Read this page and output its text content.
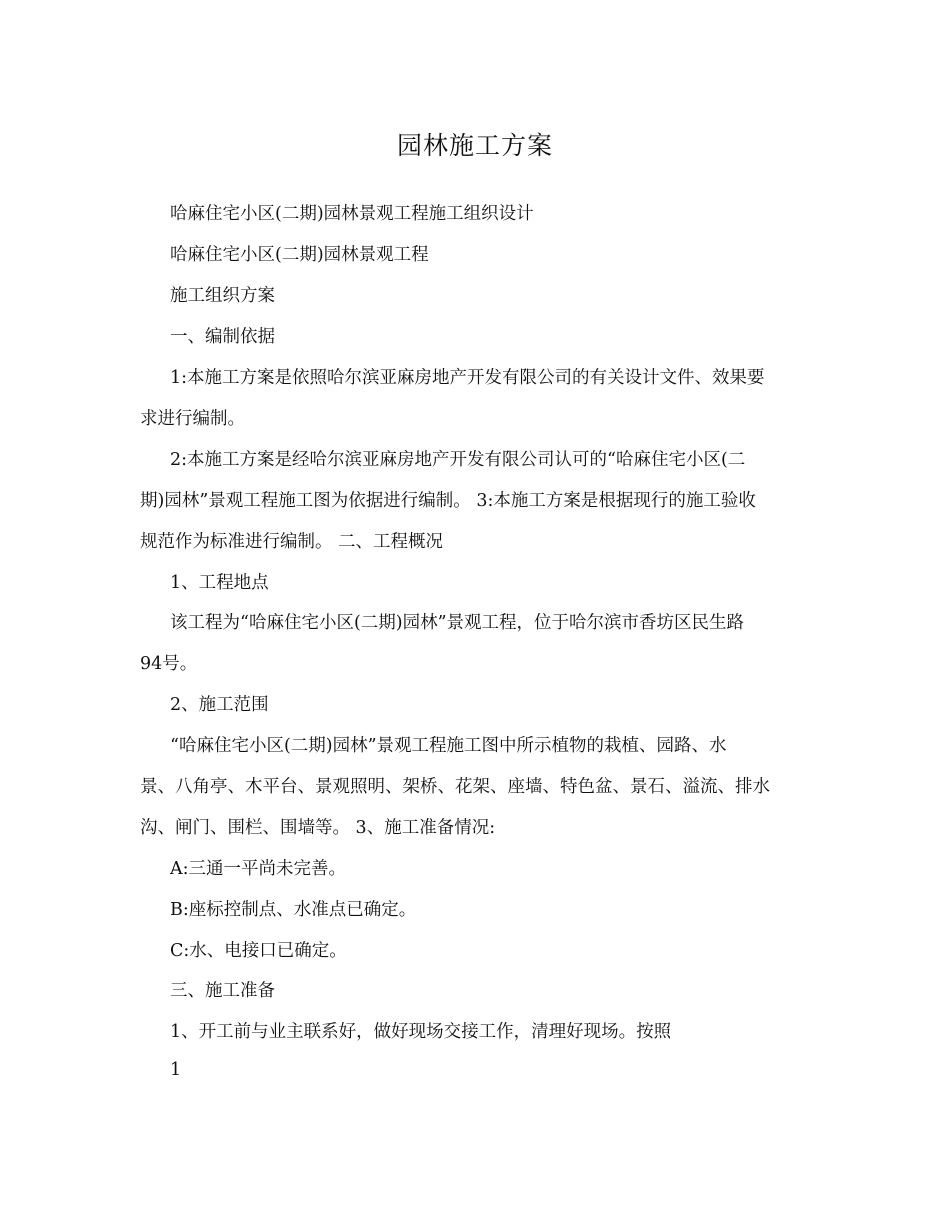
园林施工方案
哈麻住宅小区(二期)园林景观工程施工组织设计
哈麻住宅小区(二期)园林景观工程
施工组织方案
一、编制依据
1:本施工方案是依照哈尔滨亚麻房地产开发有限公司的有关设计文件、效果要
求进行编制。
2:本施工方案是经哈尔滨亚麻房地产开发有限公司认可的“哈麻住宅小区(二
期)园林”景观工程施工图为依据进行编制。 3:本施工方案是根据现行的施工验收
规范作为标准进行编制。 二、工程概况
1、工程地点
该工程为“哈麻住宅小区(二期)园林”景观工程，位于哈尔滨市香坊区民生路
94号。
2、施工范围
“哈麻住宅小区(二期)园林”景观工程施工图中所示植物的栽植、园路、水
景、八角亭、木平台、景观照明、架桥、花架、座墙、特色盆、景石、溢流、排水
沟、闸门、围栏、围墙等。 3、施工准备情况:
A:三通一平尚未完善。
B:座标控制点、水准点已确定。
C:水、电接口已确定。
三、施工准备
1、开工前与业主联系好，做好现场交接工作，清理好现场。按照
1
